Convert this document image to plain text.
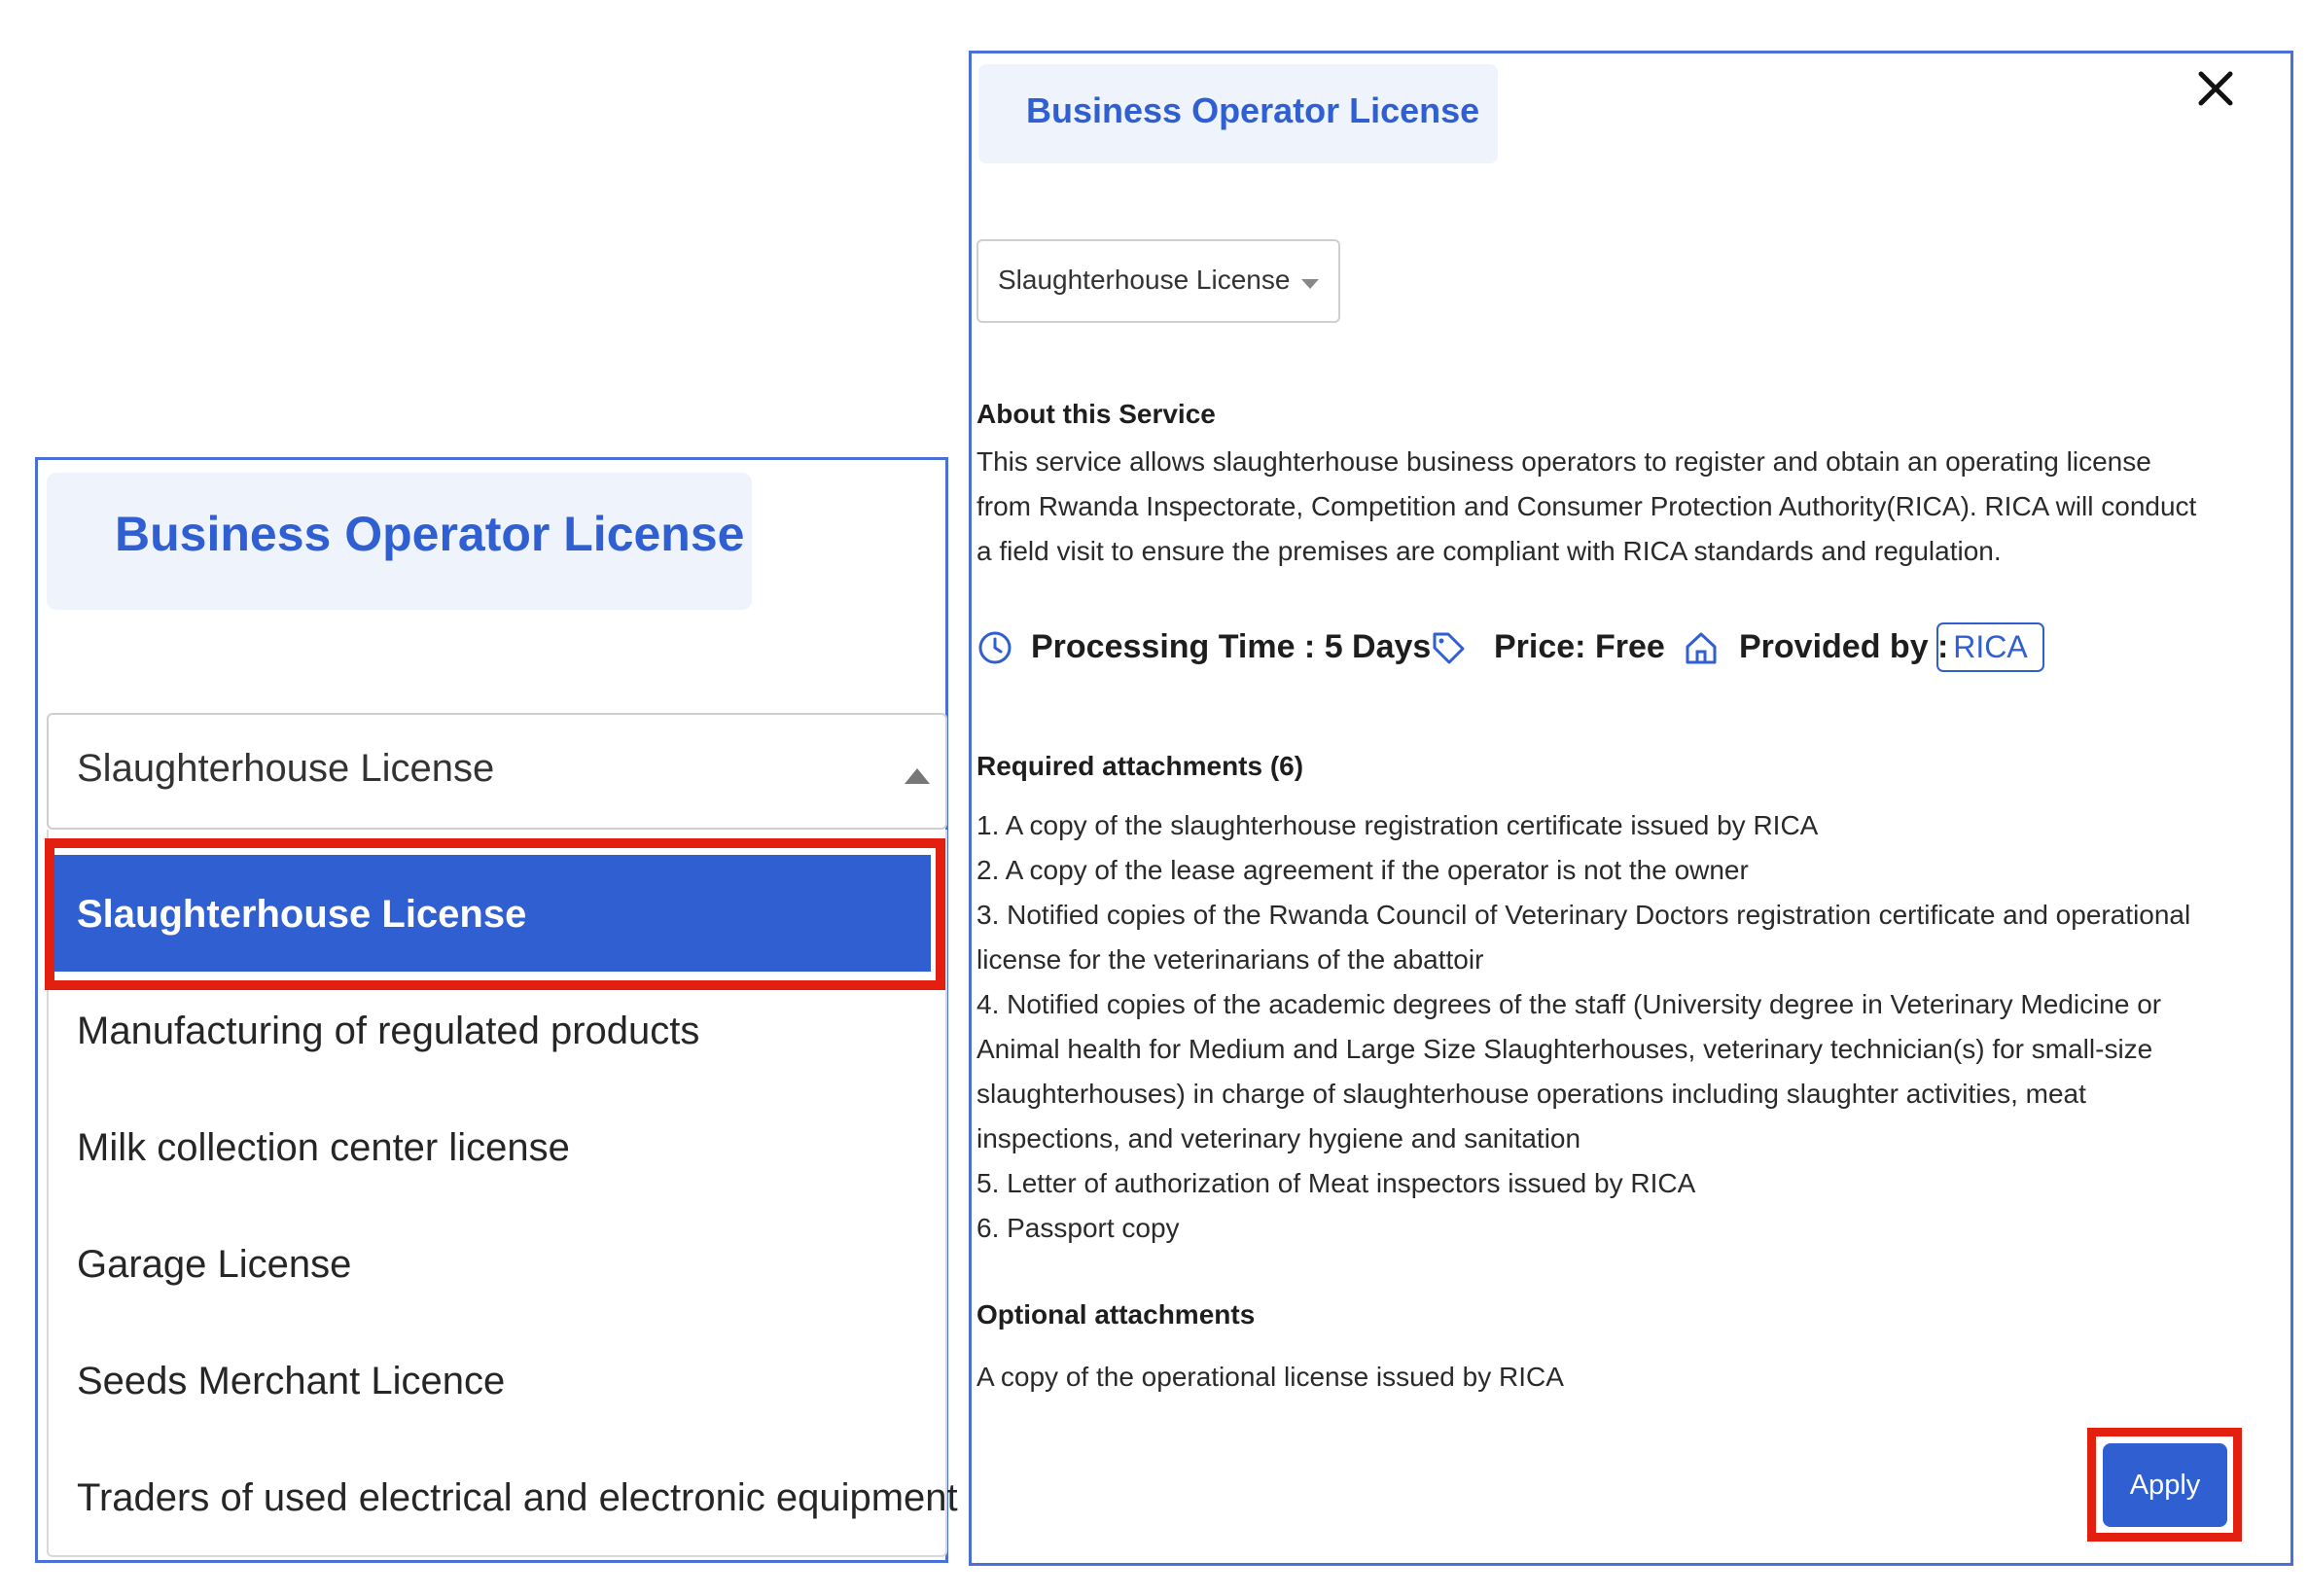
Business Operator License
Slaughterhouse License
Slaughterhouse License
Manufacturing of regulated products
Milk collection center license
Garage License
Seeds Merchant Licence
Traders of used electrical and electronic equipment
Business Operator License
Slaughterhouse License
About this Service
This service allows slaughterhouse business operators to register and obtain an operating license
from Rwanda Inspectorate, Competition and Consumer Protection Authority(RICA). RICA will conduct
a field visit to ensure the premises are compliant with RICA standards and regulation.
Processing Time : 5 Days Price: Free Provided by : RICA
Required attachments (6)
1. A copy of the slaughterhouse registration certificate issued by RICA
2. A copy of the lease agreement if the operator is not the owner
3. Notified copies of the Rwanda Council of Veterinary Doctors registration certificate and operational
license for the veterinarians of the abattoir
4. Notified copies of the academic degrees of the staff (University degree in Veterinary Medicine or
Animal health for Medium and Large Size Slaughterhouses, veterinary technician(s) for small-size
slaughterhouses) in charge of slaughterhouse operations including slaughter activities, meat
inspections, and veterinary hygiene and sanitation
5. Letter of authorization of Meat inspectors issued by RICA
6. Passport copy
Optional attachments
A copy of the operational license issued by RICA
Apply
